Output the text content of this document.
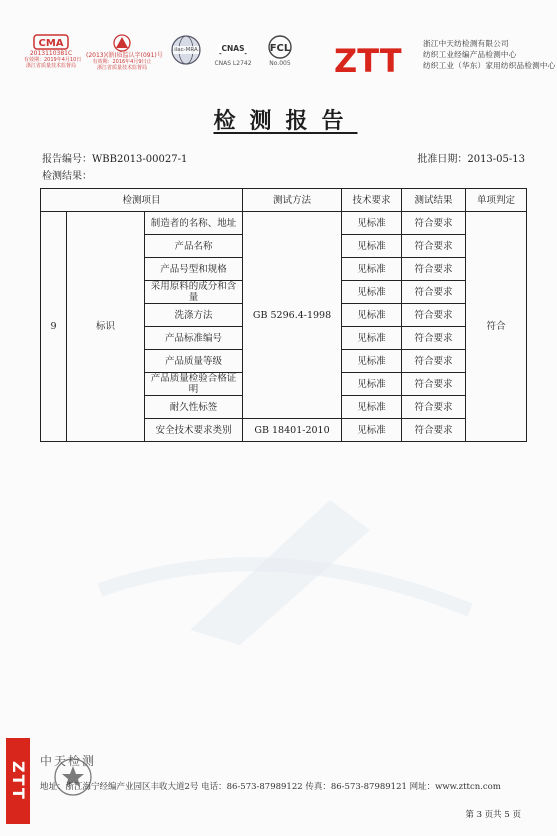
CMA
2013110381C
有效期：2019年4月10日
浙江省质量技术监督局
(2013)(浙)质监认字(091)号
有效期：2016年4月9日止
浙江省质量技术监督局
ilac-MRA	CNAS
CNAS L2742
FCL
No.005 ZTT	浙江中天纺检测有限公司
纺织工业经编产品检测中心
纺织工业（华东）家用纺织品检测中心
检测报告
报告编号：WBB2013-00027-1	批准日期：2013-05-13
检测结果：
检测项目			测试方法	技术要求	测试结果	单项判定
9	标识	制造者的名称、地址	GB 5296.4-1998	见标准	符合要求	符合
		产品名称		见标准	符合要求	
		产品号型和规格		见标准	符合要求	
		采用原料的成分和含量		见标准	符合要求	
		洗涤方法		见标准	符合要求	
		产品标准编号		见标准	符合要求	
		产品质量等级		见标准	符合要求	
		产品质量检验合格证明		见标准	符合要求	
		耐久性标签		见标准	符合要求	
		安全技术要求类别	GB 18401-2010	见标准	符合要求	
ZTT
中天检测
地址：浙江海宁经编产业园区丰收大道2号 电话：86-573-87989122 传真：86-573-87989121 网址：www.zttcn.com
第 3 页共 5 页
